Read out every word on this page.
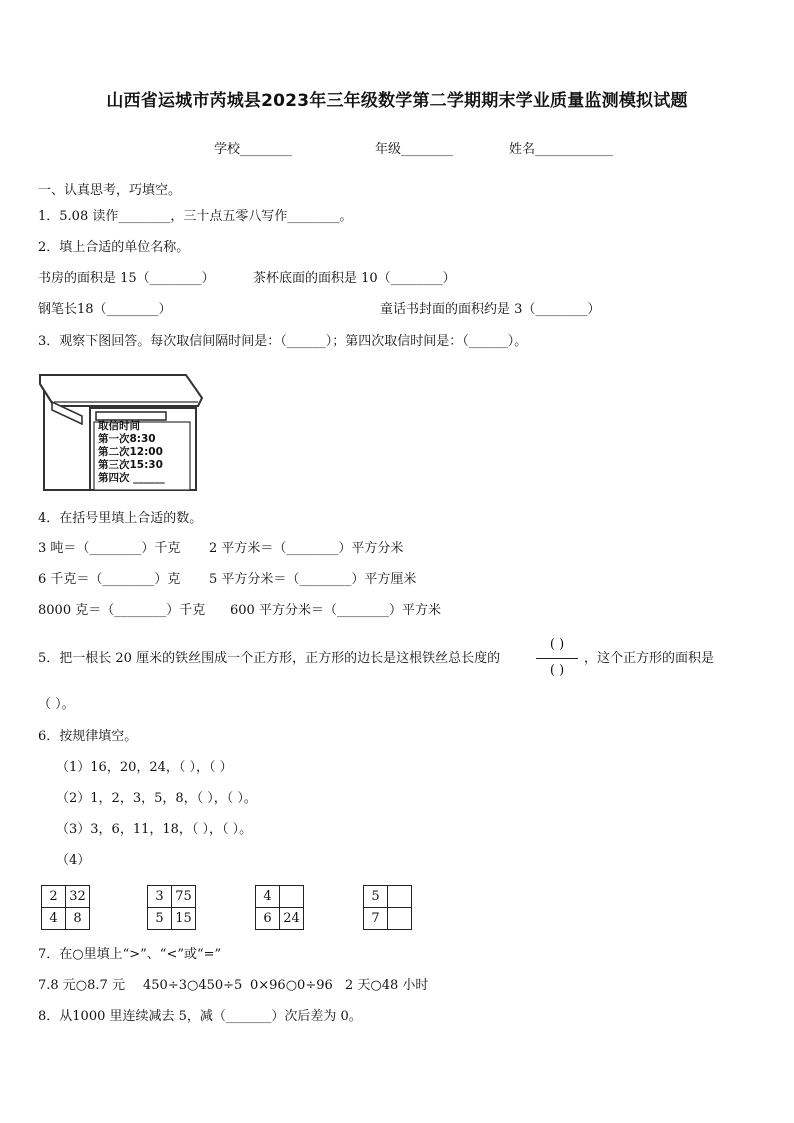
山西省运城市芮城县2023年三年级数学第二学期期末学业质量监测模拟试题
学校________	年级________	姓名____________
一、认真思考，巧填空。
1．5.08 读作________，三十点五零八写作________。
2．填上合适的单位名称。
书房的面积是 15（________）	茶杯底面的面积是 10（________）
钢笔长18（________）	童话书封面的面积约是 3（________）
3．观察下图回答。每次取信间隔时间是：（______）；第四次取信时间是：（______）。
取信时间
第一次8:30
第二次12:00
第三次15:30
第四次 ______
4．在括号里填上合适的数。
3 吨＝（________）千克 2 平方米＝（________）平方分米
6 千克＝（________）克 5 平方分米＝（________）平方厘米
8000 克＝（________）千克 600 平方分米＝（________）平方米
5．把一根长 20 厘米的铁丝围成一个正方形，正方形的边长是这根铁丝总长度的
( )
( )
，这个正方形的面积是
（ ）。
6．按规律填空。
（1）16，20，24，（ ），（ ）
（2）1，2，3，5，8，（ ），（ ）。
（3）3，6，11，18，（ ），（ ）。
（4）
2	32
4	8
3	75
5	15
4	
6	24
5	
7	
7．在○里填上“>”、“<”或“=”
7.8 元○8.7 元 450÷3○450÷5 0×96○0÷96 2 天○48 小时
8．从1000 里连续减去 5，减（_______）次后差为 0。
